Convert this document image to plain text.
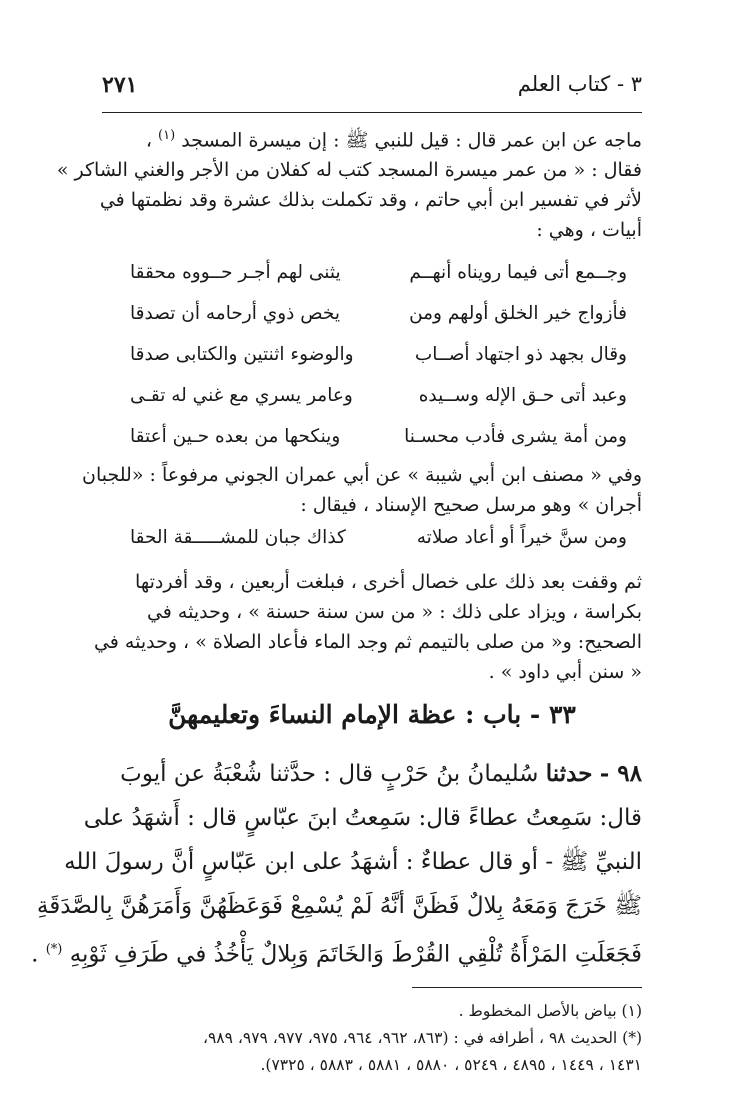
٣ - كتاب العلم
٢٧١
ماجه عن ابن عمر قال : قيل للنبي ﷺ : إن ميسرة المسجد $^{(١)}$ ،
فقال : « من عمر ميسرة المسجد كتب له كفلان من الأجر والغني الشاكر »
لأثر في تفسير ابن أبي حاتم ، وقد تكملت بذلك عشرة وقد نظمتها في
أبيات ، وهي :
وجــمع أتى فيما رويناه أنهــم
يثنى لهم أجـر حــووه محققا
فأزواج خير الخلق أولهم ومن
يخص ذوي أرحامه أن تصدقا
وقال بجهد ذو اجتهاد أصــاب
والوضوء اثنتين والكتابى صدقا
وعبد أتى حـق الإله وســيده
وعامر يسري مع غني له تقـى
ومن أمة يشرى فأدب محسـنا
وينكحها من بعده حـين أعتقا
وفي « مصنف ابن أبي شيبة » عن أبي عمران الجوني مرفوعاً : «للجبان
أجران » وهو مرسل صحيح الإسناد ، فيقال :
ومن سنَّ خيراً أو أعاد صلاته
كذاك جبان للمشـــــقة الحقا
ثم وقفت بعد ذلك على خصال أخرى ، فبلغت أربعين ، وقد أفردتها
بكراسة ، ويزاد على ذلك : « من سن سنة حسنة » ، وحديثه في
الصحيح: و« من صلى بالتيمم ثم وجد الماء فأعاد الصلاة » ، وحديثه في
« سنن أبي داود » .
٣٣ - باب : عظة الإمام النساءَ وتعليمهنَّ
٩٨ - حدثنا سُليمانُ بنُ حَرْبٍ قال : حدَّثنا شُعْبَةُ عن أيوبَ
قال: سَمِعتُ عطاءً قال: سَمِعتُ ابنَ عبّاسٍ قال : أَشهَدُ على
النبيِّ ﷺ - أو قال عطاءٌ : أشهَدُ على ابن عَبّاسٍ أنَّ رسولَ الله
ﷺ خَرَجَ وَمَعَهُ بِلالٌ فَظَنَّ أنَّهُ لَمْ يُسْمِعْ فَوَعَظَهُنَّ وَأَمَرَهُنَّ بِالصَّدَقَةِ
فَجَعَلَتِ المَرْأَةُ تُلْقِي القُرْطَ وَالخَاتَمَ وَبِلالٌ يَأْخُذُ في طَرَفِ ثَوْبِهِ (*) .
(١) بياض بالأصل المخطوط .
(*) الحديث ٩٨ ، أطرافه في : (٨٦٣، ٩٦٢، ٩٦٤، ٩٧٥، ٩٧٧، ٩٧٩، ٩٨٩،
١٤٣١ ، ١٤٤٩ ، ٤٨٩٥ ، ٥٢٤٩ ، ٥٨٨٠ ، ٥٨٨١ ، ٥٨٨٣ ، ٧٣٢٥).
